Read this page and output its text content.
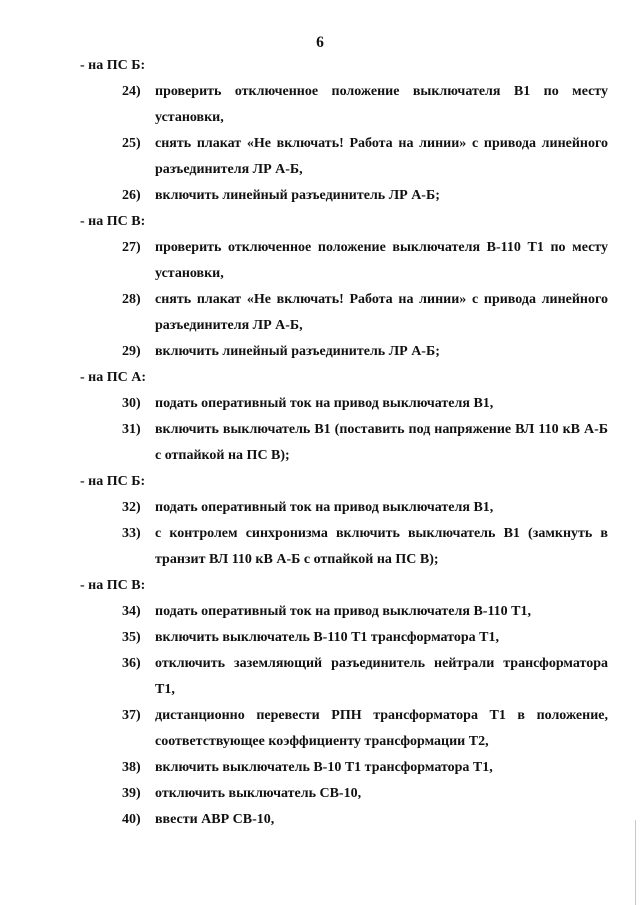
6
- на ПС Б:
24)	проверить отключенное положение выключателя В1 по месту установки,
25)	снять плакат «Не включать! Работа на линии» с привода линейного разъединителя ЛР А-Б,
26)	включить линейный разъединитель ЛР А-Б;
- на ПС В:
27)	проверить отключенное положение выключателя В-110 Т1 по месту установки,
28)	снять плакат «Не включать! Работа на линии» с привода линейного разъединителя ЛР А-Б,
29)	включить линейный разъединитель ЛР А-Б;
- на ПС А:
30)	подать оперативный ток на привод выключателя В1,
31)	включить выключатель В1 (поставить под напряжение ВЛ 110 кВ А-Б с отпайкой на ПС В);
- на ПС Б:
32)	подать оперативный ток на привод выключателя В1,
33)	с контролем синхронизма включить выключатель В1 (замкнуть в транзит ВЛ 110 кВ А-Б с отпайкой на ПС В);
- на ПС В:
34)	подать оперативный ток на привод выключателя В-110 Т1,
35)	включить выключатель В-110 Т1 трансформатора Т1,
36)	отключить заземляющий разъединитель нейтрали трансформатора Т1,
37)	дистанционно перевести РПН трансформатора Т1 в положение, соответствующее коэффициенту трансформации Т2,
38)	включить выключатель В-10 Т1 трансформатора Т1,
39)	отключить выключатель СВ-10,
40)	ввести АВР СВ-10,
